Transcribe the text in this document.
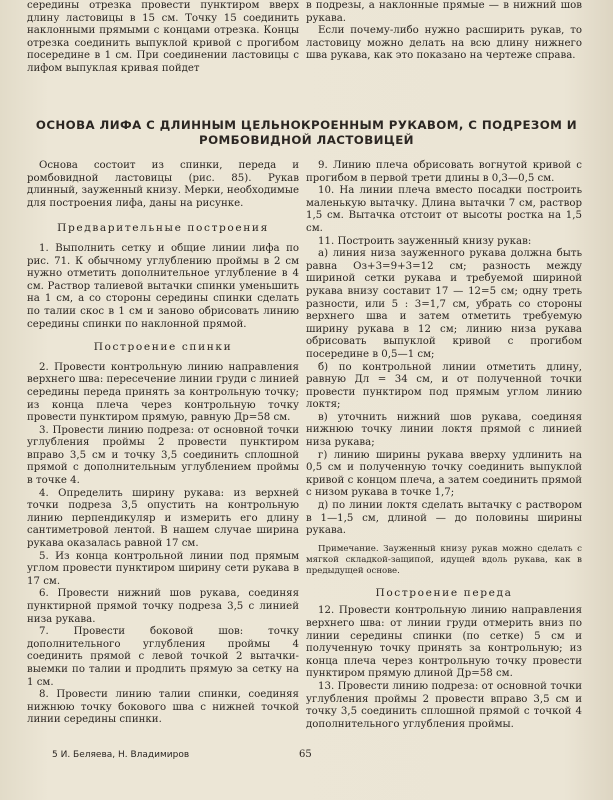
середины отрезка провести пунктиром вверх длину ластовицы в 15 см. Точку 15 соединить наклонными прямыми с концами отрезка. Концы отрезка соединить выпуклой кривой с прогибом посередине в 1 см. При соединении ластовицы с лифом выпуклая кривая пойдет

в подрезы, а наклонные прямые — в нижний шов рукава.

Если почему-либо нужно расширить рукав, то ластовицу можно делать на всю длину нижнего шва рукава, как это показано на чертеже справа.

ОСНОВА ЛИФА С ДЛИННЫМ ЦЕЛЬНОКРОЕННЫМ РУКАВОМ, С ПОДРЕЗОМ И РОМБОВИДНОЙ ЛАСТОВИЦЕЙ

Основа состоит из спинки, переда и ромбовидной ластовицы (рис. 85). Рукав длинный, зауженный книзу. Мерки, необходимые для построения лифа, даны на рисунке.

Предварительные построения

1. Выполнить сетку и общие линии лифа по рис. 71. К обычному углублению проймы в 2 см нужно отметить дополнительное углубление в 4 см. Раствор талиевой вытачки спинки уменьшить на 1 см, а со стороны середины спинки сделать по талии скос в 1 см и заново обрисовать линию середины спинки по наклонной прямой.

Построение спинки

2. Провести контрольную линию направления верхнего шва: пересечение линии груди с линией середины переда принять за контрольную точку; из конца плеча через контрольную точку провести пунктиром прямую, равную Др=58 см.

3. Провести линию подреза: от основной точки углубления проймы 2 провести пунктиром вправо 3,5 см и точку 3,5 соединить сплошной прямой с дополнительным углублением проймы в точке 4.

4. Определить ширину рукава: из верхней точки подреза 3,5 опустить на контрольную линию перпендикуляр и измерить его длину сантиметровой лентой. В нашем случае ширина рукава оказалась равной 17 см.

5. Из конца контрольной линии под прямым углом провести пунктиром ширину сети рукава в 17 см.

6. Провести нижний шов рукава, соединяя пунктирной прямой точку подреза 3,5 с линией низа рукава.

7. Провести боковой шов: точку дополнительного углубления проймы 4 соединить прямой с левой точкой 2 вытачки-выемки по талии и продлить прямую за сетку на 1 см.

8. Провести линию талии спинки, соединяя нижнюю точку бокового шва с нижней точкой линии середины спинки.

9. Линию плеча обрисовать вогнутой кривой с прогибом в первой трети длины в 0,3—0,5 см.

10. На линии плеча вместо посадки построить маленькую вытачку. Длина вытачки 7 см, раствор 1,5 см. Вытачка отстоит от высоты ростка на 1,5 см.

11. Построить зауженный книзу рукав:

а) линия низа зауженного рукава должна быть равна Оз+3=9+3=12 см; разность между шириной сетки рукава и требуемой шириной рукава внизу составит 17 — 12=5 см; одну треть разности, или 5 : 3=1,7 см, убрать со стороны верхнего шва и затем отметить требуемую ширину рукава в 12 см; линию низа рукава обрисовать выпуклой кривой с прогибом посередине в 0,5—1 см;

б) по контрольной линии отметить длину, равную Дл = 34 см, и от полученной точки провести пунктиром под прямым углом линию локтя;

в) уточнить нижний шов рукава, соединяя нижнюю точку линии локтя прямой с линией низа рукава;

г) линию ширины рукава вверху удлинить на 0,5 см и полученную точку соединить выпуклой кривой с концом плеча, а затем соединить прямой с низом рукава в точке 1,7;

д) по линии локтя сделать вытачку с раствором в 1—1,5 см, длиной — до половины ширины рукава.

Примечание. Зауженный книзу рукав можно сделать с мягкой складкой-защипой, идущей вдоль рукава, как в предыдущей основе.

Построение переда

12. Провести контрольную линию направления верхнего шва: от линии груди отмерить вниз по линии середины спинки (по сетке) 5 см и полученную точку принять за контрольную; из конца плеча через контрольную точку провести пунктиром прямую длиной Др=58 см.

13. Провести линию подреза: от основной точки углубления проймы 2 провести вправо 3,5 см и точку 3,5 соединить сплошной прямой с точкой 4 дополнительного углубления проймы.

5 И. Беляева, Н. Владимиров	65
